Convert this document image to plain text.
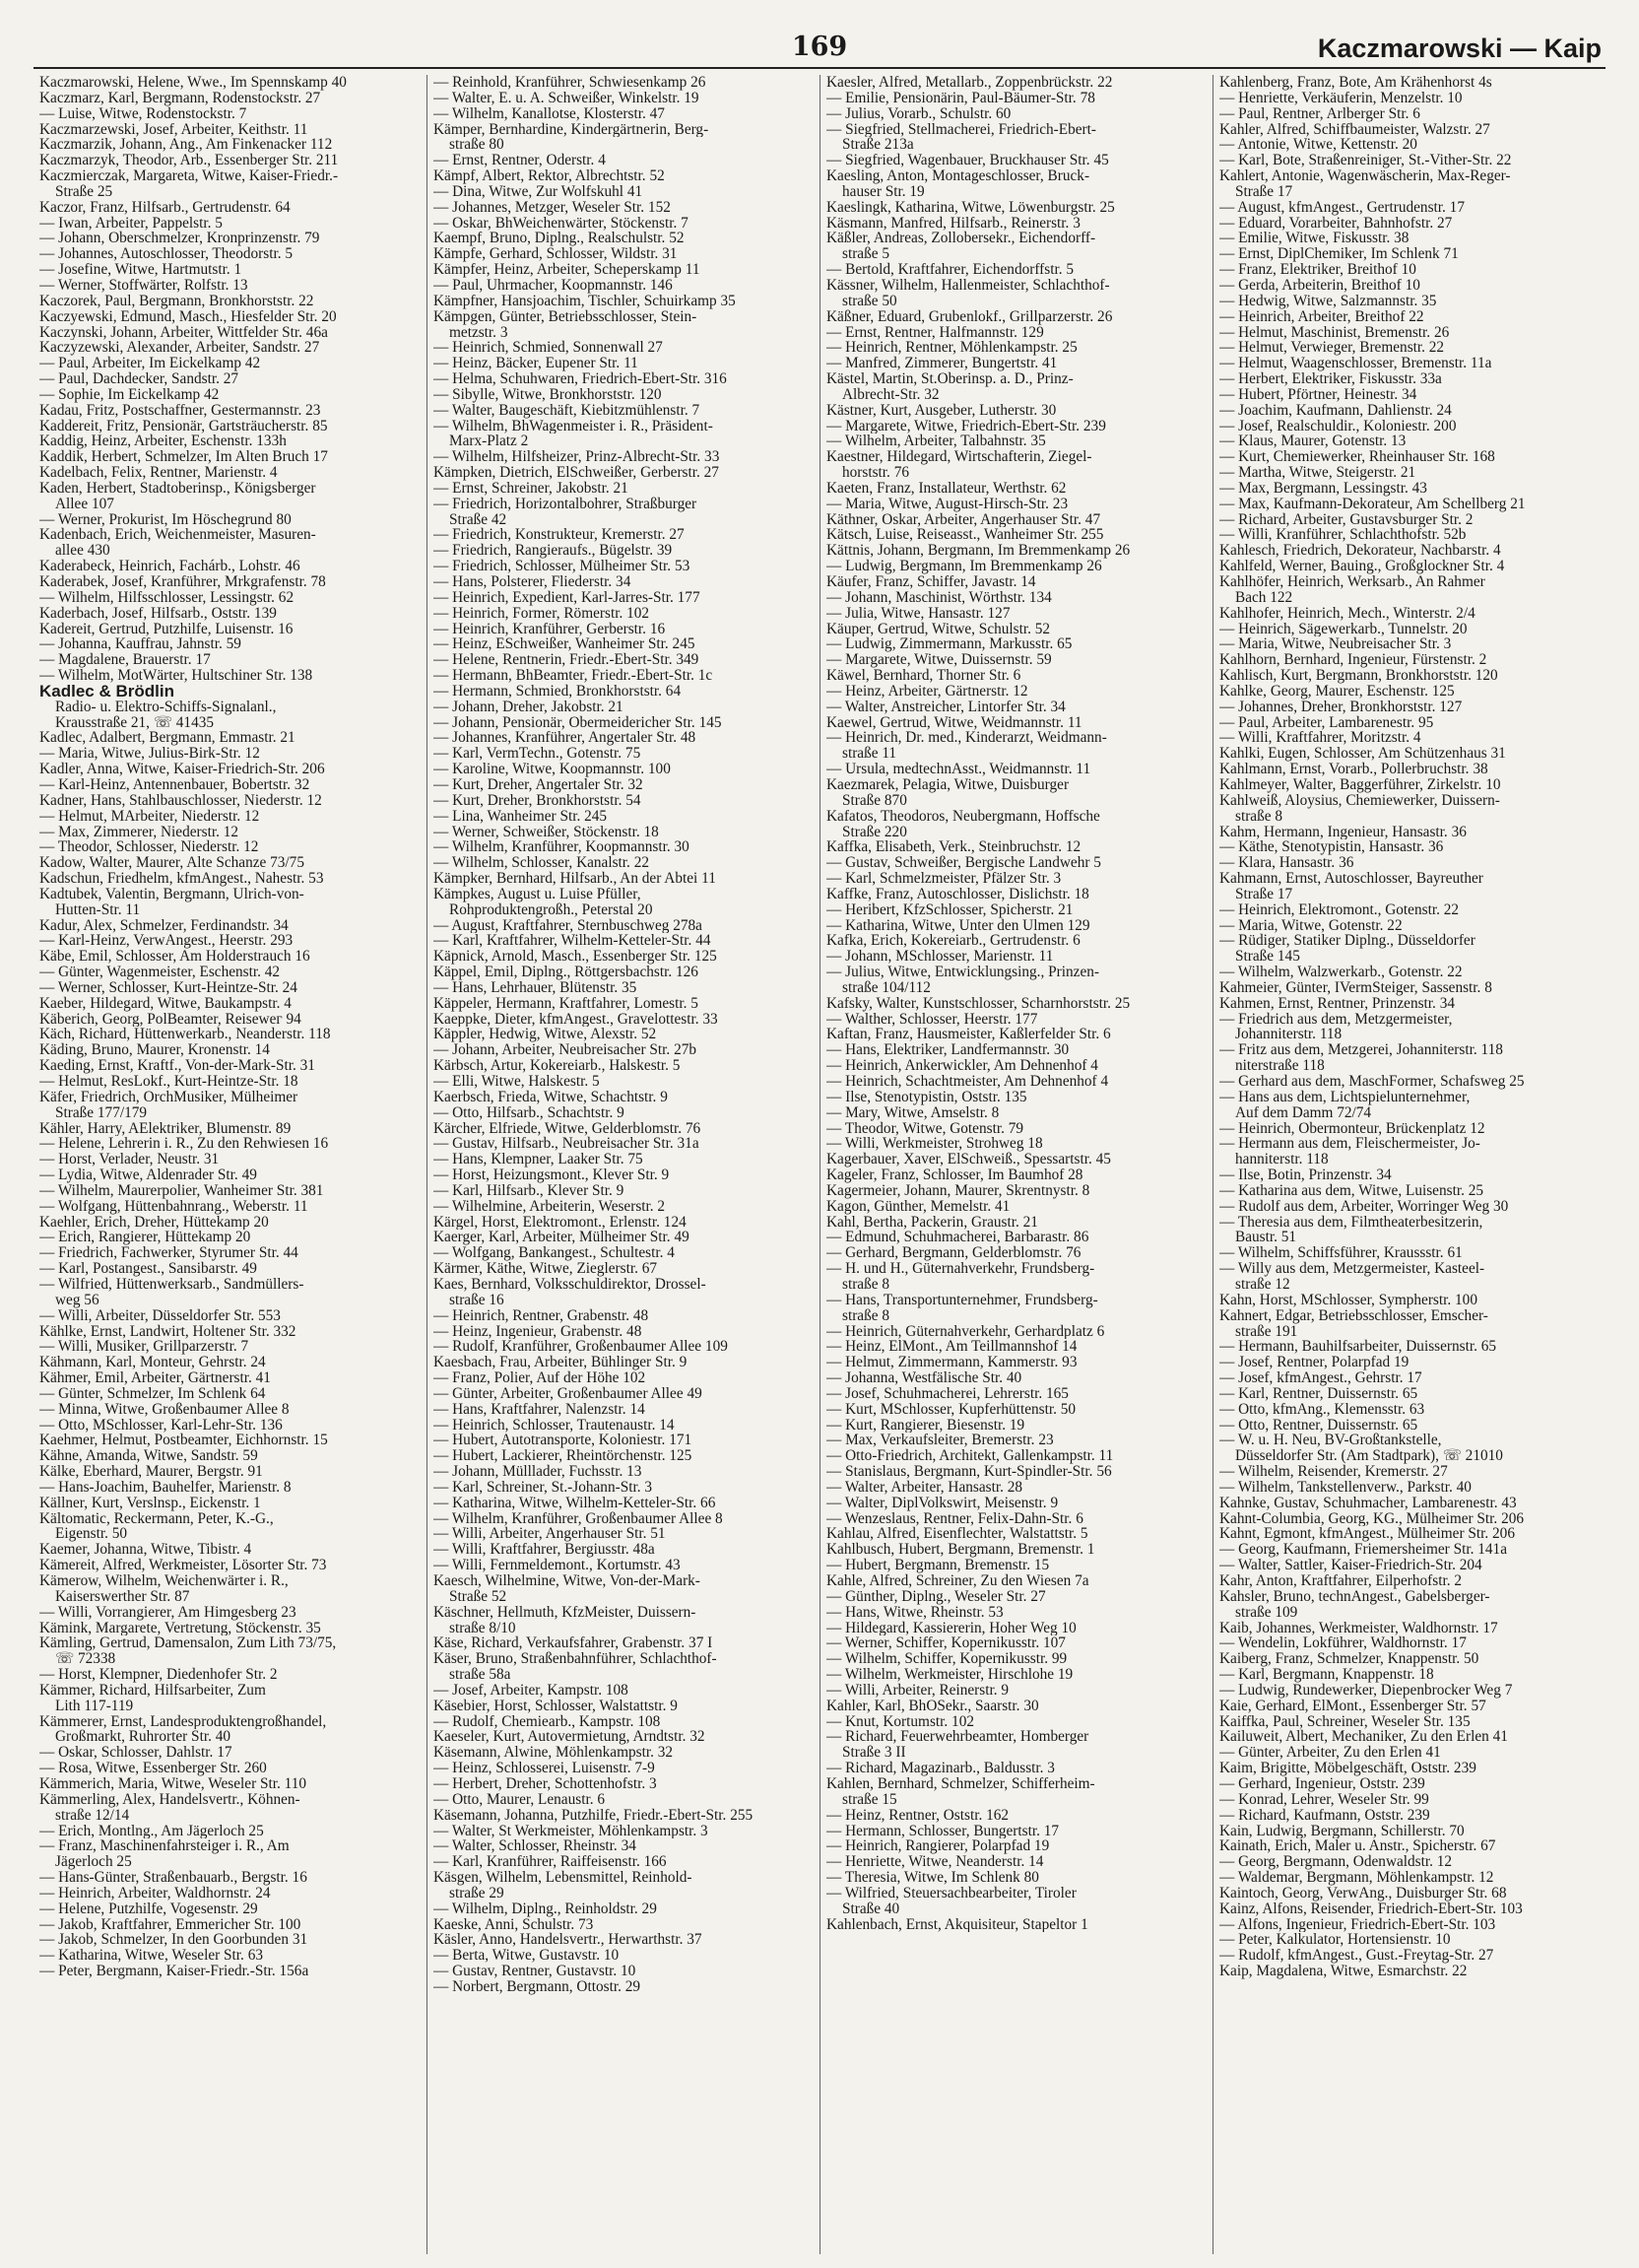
169	Kaczmarowski — Kaip
Kaczmarowski, Helene, Wwe., Im Spennskamp 40
Kaczmarz, Karl, Bergmann, Rodenstockstr. 27
— Luise, Witwe, Rodenstockstr. 7
Kaczmarzewski, Josef, Arbeiter, Keithstr. 11
Kaczmarzik, Johann, Ang., Am Finkenacker 112
Kaczmarzyk, Theodor, Arb., Essenberger Str. 211
Kaczmierczak, Margareta, Witwe, Kaiser-Friedr.-
Straße 25
Kaczor, Franz, Hilfsarb., Gertrudenstr. 64
— Iwan, Arbeiter, Pappelstr. 5
— Johann, Oberschmelzer, Kronprinzenstr. 79
— Johannes, Autoschlosser, Theodorstr. 5
— Josefine, Witwe, Hartmutstr. 1
— Werner, Stoffwärter, Rolfstr. 13
Kaczorek, Paul, Bergmann, Bronkhorststr. 22
Kaczyewski, Edmund, Masch., Hiesfelder Str. 20
Kaczynski, Johann, Arbeiter, Wittfelder Str. 46a
Kaczyzewski, Alexander, Arbeiter, Sandstr. 27
— Paul, Arbeiter, Im Eickelkamp 42
— Paul, Dachdecker, Sandstr. 27
— Sophie, Im Eickelkamp 42
Kadau, Fritz, Postschaffner, Gestermannstr. 23
Kaddereit, Fritz, Pensionär, Gartsträucherstr. 85
Kaddig, Heinz, Arbeiter, Eschenstr. 133h
Kaddik, Herbert, Schmelzer, Im Alten Bruch 17
Kadelbach, Felix, Rentner, Marienstr. 4
Kaden, Herbert, Stadtoberinsp., Königsberger
Allee 107
— Werner, Prokurist, Im Höschegrund 80
Kadenbach, Erich, Weichenmeister, Masuren-
allee 430
Kaderabeck, Heinrich, Fachárb., Lohstr. 46
Kaderabek, Josef, Kranführer, Mrkgrafenstr. 78
— Wilhelm, Hilfsschlosser, Lessingstr. 62
Kaderbach, Josef, Hilfsarb., Oststr. 139
Kadereit, Gertrud, Putzhilfe, Luisenstr. 16
— Johanna, Kauffrau, Jahnstr. 59
— Magdalene, Brauerstr. 17
— Wilhelm, MotWärter, Hultschiner Str. 138
Kadlec & Brödlin
Radio- u. Elektro-Schiffs-Signalanl.,
Krausstraße 21, ☏ 41435
Kadlec, Adalbert, Bergmann, Emmastr. 21
— Maria, Witwe, Julius-Birk-Str. 12
Kadler, Anna, Witwe, Kaiser-Friedrich-Str. 206
— Karl-Heinz, Antennenbauer, Bobertstr. 32
Kadner, Hans, Stahlbauschlosser, Niederstr. 12
— Helmut, MArbeiter, Niederstr. 12
— Max, Zimmerer, Niederstr. 12
— Theodor, Schlosser, Niederstr. 12
Kadow, Walter, Maurer, Alte Schanze 73/75
Kadschun, Friedhelm, kfmAngest., Nahestr. 53
Kadtubek, Valentin, Bergmann, Ulrich-von-
Hutten-Str. 11
Kadur, Alex, Schmelzer, Ferdinandstr. 34
— Karl-Heinz, VerwAngest., Heerstr. 293
Käbe, Emil, Schlosser, Am Holderstrauch 16
— Günter, Wagenmeister, Eschenstr. 42
— Werner, Schlosser, Kurt-Heintze-Str. 24
Kaeber, Hildegard, Witwe, Baukampstr. 4
Käberich, Georg, PolBeamter, Reisewег 94
Käch, Richard, Hüttenwerkarb., Neanderstr. 118
Käding, Bruno, Maurer, Kronenstr. 14
Kaeding, Ernst, Kraftf., Von-der-Mark-Str. 31
— Helmut, ResLokf., Kurt-Heintze-Str. 18
Käfer, Friedrich, OrchMusiker, Mülheimer
Straße 177/179
Kähler, Harry, AElektriker, Blumenstr. 89
— Helene, Lehrerin i. R., Zu den Rehwiesen 16
— Horst, Verlader, Neustr. 31
— Lydia, Witwe, Aldenrader Str. 49
— Wilhelm, Maurerpolier, Wanheimer Str. 381
— Wolfgang, Hüttenbahnrang., Weberstr. 11
Kaehler, Erich, Dreher, Hüttekamp 20
— Erich, Rangierer, Hüttekamp 20
— Friedrich, Fachwerker, Styrumer Str. 44
— Karl, Postangest., Sansibarstr. 49
— Wilfried, Hüttenwerksarb., Sandmüllers-
weg 56
— Willi, Arbeiter, Düsseldorfer Str. 553
Kählke, Ernst, Landwirt, Holtener Str. 332
— Willi, Musiker, Grillparzerstr. 7
Kähmann, Karl, Monteur, Gehrstr. 24
Kähmer, Emil, Arbeiter, Gärtnerstr. 41
— Günter, Schmelzer, Im Schlenk 64
— Minna, Witwe, Großenbaumer Allee 8
— Otto, MSchlosser, Karl-Lehr-Str. 136
Kaehmer, Helmut, Postbeamter, Eichhornstr. 15
Kähne, Amanda, Witwe, Sandstr. 59
Kälke, Eberhard, Maurer, Bergstr. 91
— Hans-Joachim, Bauhelfer, Marienstr. 8
Källner, Kurt, Verslnsp., Eickenstr. 1
Kältomatic, Reckermann, Peter, K.-G.,
Eigenstr. 50
Kaemer, Johanna, Witwe, Tibistr. 4
Kämereit, Alfred, Werkmeister, Lösorter Str. 73
Kämerow, Wilhelm, Weichenwärter i. R.,
Kaiserswerther Str. 87
— Willi, Vorrangierer, Am Himgesberg 23
Kämink, Margarete, Vertretung, Stöckenstr. 35
Kämling, Gertrud, Damensalon, Zum Lith 73/75,
☏ 72338
— Horst, Klempner, Diedenhofer Str. 2
Kämmer, Richard, Hilfsarbeiter, Zum
Lith 117-119
Kämmerer, Ernst, Landesproduktengroßhandel,
Großmarkt, Ruhrorter Str. 40
— Oskar, Schlosser, Dahlstr. 17
— Rosa, Witwe, Essenberger Str. 260
Kämmerich, Maria, Witwe, Weseler Str. 110
Kämmerling, Alex, Handelsvertr., Köhnen-
straße 12/14
— Erich, Montlng., Am Jägerloch 25
— Franz, Maschinenfahrsteiger i. R., Am
Jägerloch 25
— Hans-Günter, Straßenbauarb., Bergstr. 16
— Heinrich, Arbeiter, Waldhornstr. 24
— Helene, Putzhilfe, Vogesenstr. 29
— Jakob, Kraftfahrer, Emmericher Str. 100
— Jakob, Schmelzer, In den Goorbunden 31
— Katharina, Witwe, Weseler Str. 63
— Peter, Bergmann, Kaiser-Friedr.-Str. 156a
— Reinhold, Kranführer, Schwiesenkamp 26
— Walter, E. u. A. Schweißer, Winkelstr. 19
— Wilhelm, Kanallotse, Klosterstr. 47
Kämper, Bernhardine, Kindergärtnerin, Berg-
straße 80
— Ernst, Rentner, Oderstr. 4
Kämpf, Albert, Rektor, Albrechtstr. 52
— Dina, Witwe, Zur Wolfskuhl 41
— Johannes, Metzger, Weseler Str. 152
— Oskar, BhWeichenwärter, Stöckenstr. 7
Kaempf, Bruno, Diplng., Realschulstr. 52
Kämpfe, Gerhard, Schlosser, Wildstr. 31
Kämpfer, Heinz, Arbeiter, Scheperskamp 11
— Paul, Uhrmacher, Koopmannstr. 146
Kämpfner, Hansjoachim, Tischler, Schuirkamp 35
Kämpgen, Günter, Betriebsschlosser, Stein-
metzstr. 3
— Heinrich, Schmied, Sonnenwall 27
— Heinz, Bäcker, Eupener Str. 11
— Helma, Schuhwaren, Friedrich-Ebert-Str. 316
— Sibylle, Witwe, Bronkhorststr. 120
— Walter, Baugeschäft, Kiebitzmühlenstr. 7
— Wilhelm, BhWagenmeister i. R., Präsident-
Marx-Platz 2
— Wilhelm, Hilfsheizer, Prinz-Albrecht-Str. 33
Kämpken, Dietrich, ElSchweißer, Gerberstr. 27
— Ernst, Schreiner, Jakobstr. 21
— Friedrich, Horizontalbohrer, Straßburger
Straße 42
— Friedrich, Konstrukteur, Kremerstr. 27
— Friedrich, Rangieraufs., Bügelstr. 39
— Friedrich, Schlosser, Mülheimer Str. 53
— Hans, Polsterer, Fliederstr. 34
— Heinrich, Expedient, Karl-Jarres-Str. 177
— Heinrich, Former, Römerstr. 102
— Heinrich, Kranführer, Gerberstr. 16
— Heinz, ESchweißer, Wanheimer Str. 245
— Helene, Rentnerin, Friedr.-Ebert-Str. 349
— Hermann, BhBeamter, Friedr.-Ebert-Str. 1c
— Hermann, Schmied, Bronkhorststr. 64
— Johann, Dreher, Jakobstr. 21
— Johann, Pensionär, Obermeidericher Str. 145
— Johannes, Kranführer, Angertaler Str. 48
— Karl, VermTechn., Gotenstr. 75
— Karoline, Witwe, Koopmannstr. 100
— Kurt, Dreher, Angertaler Str. 32
— Kurt, Dreher, Bronkhorststr. 54
— Lina, Wanheimer Str. 245
— Werner, Schweißer, Stöckenstr. 18
— Wilhelm, Kranführer, Koopmannstr. 30
— Wilhelm, Schlosser, Kanalstr. 22
Kämpker, Bernhard, Hilfsarb., An der Abtei 11
Kämpkes, August u. Luise Pfüller,
Rohproduktengroßh., Peterstal 20
— August, Kraftfahrer, Sternbuschweg 278a
— Karl, Kraftfahrer, Wilhelm-Ketteler-Str. 44
Käpnick, Arnold, Masch., Essenberger Str. 125
Käppel, Emil, Diplng., Röttgersbachstr. 126
— Hans, Lehrhauer, Blütenstr. 35
Käppeler, Hermann, Kraftfahrer, Lomestr. 5
Kaeppke, Dieter, kfmAngest., Gravelottestr. 33
Käppler, Hedwig, Witwe, Alexstr. 52
— Johann, Arbeiter, Neubreisacher Str. 27b
Kärbsch, Artur, Kokereiarb., Halskestr. 5
— Elli, Witwe, Halskestr. 5
Kaerbsch, Frieda, Witwe, Schachtstr. 9
— Otto, Hilfsarb., Schachtstr. 9
Kärcher, Elfriede, Witwe, Gelderblomstr. 76
— Gustav, Hilfsarb., Neubreisacher Str. 31a
— Hans, Klempner, Laaker Str. 75
— Horst, Heizungsmont., Klever Str. 9
— Karl, Hilfsarb., Klever Str. 9
— Wilhelmine, Arbeiterin, Weserstr. 2
Kärgel, Horst, Elektromont., Erlenstr. 124
Kaerger, Karl, Arbeiter, Mülheimer Str. 49
— Wolfgang, Bankangest., Schultestr. 4
Kärmer, Käthe, Witwe, Zieglerstr. 67
Kaes, Bernhard, Volksschuldirektor, Drossel-
straße 16
— Heinrich, Rentner, Grabenstr. 48
— Heinz, Ingenieur, Grabenstr. 48
— Rudolf, Kranführer, Großenbaumer Allee 109
Kaesbach, Frau, Arbeiter, Bühlinger Str. 9
— Franz, Polier, Auf der Höhe 102
— Günter, Arbeiter, Großenbaumer Allee 49
— Hans, Kraftfahrer, Nalenzstr. 14
— Heinrich, Schlosser, Trautenaustr. 14
— Hubert, Autotransporte, Koloniestr. 171
— Hubert, Lackierer, Rheintörchenstr. 125
— Johann, Mülllader, Fuchsstr. 13
— Karl, Schreiner, St.-Johann-Str. 3
— Katharina, Witwe, Wilhelm-Ketteler-Str. 66
— Wilhelm, Kranführer, Großenbaumer Allee 8
— Willi, Arbeiter, Angerhauser Str. 51
— Willi, Kraftfahrer, Bergiusstr. 48a
— Willi, Fernmeldemont., Kortumstr. 43
Kaesch, Wilhelmine, Witwe, Von-der-Mark-
Straße 52
Käschner, Hellmuth, KfzMeister, Duissern-
straße 8/10
Käse, Richard, Verkaufsfahrer, Grabenstr. 37 I
Käser, Bruno, Straßenbahnführer, Schlachthof-
straße 58a
— Josef, Arbeiter, Kampstr. 108
Käsebier, Horst, Schlosser, Walstattstr. 9
— Rudolf, Chemiearb., Kampstr. 108
Kaeseler, Kurt, Autovermietung, Arndtstr. 32
Käsemann, Alwine, Möhlenkampstr. 32
— Heinz, Schlosserei, Luisenstr. 7-9
— Herbert, Dreher, Schottenhofstr. 3
— Otto, Maurer, Lenaustr. 6
Käsemann, Johanna, Putzhilfe, Friedr.-Ebert-Str. 255
— Walter, St Werkmeister, Möhlenkampstr. 3
— Walter, Schlosser, Rheinstr. 34
— Karl, Kranführer, Raiffeisenstr. 166
Käsgen, Wilhelm, Lebensmittel, Reinhold-
straße 29
— Wilhelm, Diplng., Reinholdstr. 29
Kaeske, Anni, Schulstr. 73
Käsler, Anno, Handelsvertr., Herwarthstr. 37
— Berta, Witwe, Gustavstr. 10
— Gustav, Rentner, Gustavstr. 10
— Norbert, Bergmann, Ottostr. 29
Kaesler, Alfred, Metallarb., Zoppenbrückstr. 22
— Emilie, Pensionärin, Paul-Bäumer-Str. 78
— Julius, Vorarb., Schulstr. 60
— Siegfried, Stellmacherei, Friedrich-Ebert-
Straße 213a
— Siegfried, Wagenbauer, Bruckhauser Str. 45
Kaesling, Anton, Montageschlosser, Bruck-
hauser Str. 19
Kaeslingk, Katharina, Witwe, Löwenburgstr. 25
Käsmann, Manfred, Hilfsarb., Reinerstr. 3
Käßler, Andreas, Zollobersekr., Eichendorff-
straße 5
— Bertold, Kraftfahrer, Eichendorffstr. 5
Kässner, Wilhelm, Hallenmeister, Schlachthof-
straße 50
Käßner, Eduard, Grubenlokf., Grillparzerstr. 26
— Ernst, Rentner, Halfmannstr. 129
— Heinrich, Rentner, Möhlenkampstr. 25
— Manfred, Zimmerer, Bungertstr. 41
Kästel, Martin, St.Oberinsp. a. D., Prinz-
Albrecht-Str. 32
Kästner, Kurt, Ausgeber, Lutherstr. 30
— Margarete, Witwe, Friedrich-Ebert-Str. 239
— Wilhelm, Arbeiter, Talbahnstr. 35
Kaestner, Hildegard, Wirtschafterin, Ziegel-
horststr. 76
Kaeten, Franz, Installateur, Werthstr. 62
— Maria, Witwe, August-Hirsch-Str. 23
Käthner, Oskar, Arbeiter, Angerhauser Str. 47
Kätsch, Luise, Reiseasst., Wanheimer Str. 255
Kättnis, Johann, Bergmann, Im Bremmenkamp 26
— Ludwig, Bergmann, Im Bremmenkamp 26
Käufer, Franz, Schiffer, Javastr. 14
— Johann, Maschinist, Wörthstr. 134
— Julia, Witwe, Hansastr. 127
Käuper, Gertrud, Witwe, Schulstr. 52
— Ludwig, Zimmermann, Markusstr. 65
— Margarete, Witwe, Duissernstr. 59
Käwel, Bernhard, Thorner Str. 6
— Heinz, Arbeiter, Gärtnerstr. 12
— Walter, Anstreicher, Lintorfer Str. 34
Kaewel, Gertrud, Witwe, Weidmannstr. 11
— Heinrich, Dr. med., Kinderarzt, Weidmann-
straße 11
— Ursula, medtechnAsst., Weidmannstr. 11
Kaezmarek, Pelagia, Witwe, Duisburger
Straße 870
Kafatos, Theodoros, Neubergmann, Hoffsche
Straße 220
Kaffka, Elisabeth, Verk., Steinbruchstr. 12
— Gustav, Schweißer, Bergische Landwehr 5
— Karl, Schmelzmeister, Pfälzer Str. 3
Kaffke, Franz, Autoschlosser, Dislichstr. 18
— Heribert, KfzSchlosser, Spicherstr. 21
— Katharina, Witwe, Unter den Ulmen 129
Kafka, Erich, Kokereiarb., Gertrudenstr. 6
— Johann, MSchlosser, Marienstr. 11
— Julius, Witwe, Entwicklungsing., Prinzen-
straße 104/112
Kafsky, Walter, Kunstschlosser, Scharnhorststr. 25
— Walther, Schlosser, Heerstr. 177
Kaftan, Franz, Hausmeister, Kaßlerfelder Str. 6
— Hans, Elektriker, Landfermannstr. 30
— Heinrich, Ankerwickler, Am Dehnenhof 4
— Heinrich, Schachtmeister, Am Dehnenhof 4
— Ilse, Stenotypistin, Oststr. 135
— Mary, Witwe, Amselstr. 8
— Theodor, Witwe, Gotenstr. 79
— Willi, Werkmeister, Strohweg 18
Kagerbauer, Xaver, ElSchweiß., Spessartstr. 45
Kageler, Franz, Schlosser, Im Baumhof 28
Kagermeier, Johann, Maurer, Skrentnystr. 8
Kagon, Günther, Memelstr. 41
Kahl, Bertha, Packerin, Graustr. 21
— Edmund, Schuhmacherei, Barbarastr. 86
— Gerhard, Bergmann, Gelderblomstr. 76
— H. und H., Güternahverkehr, Frundsberg-
straße 8
— Hans, Transportunternehmer, Frundsberg-
straße 8
— Heinrich, Güternahverkehr, Gerhardplatz 6
— Heinz, ElMont., Am Teillmannshof 14
— Helmut, Zimmermann, Kammerstr. 93
— Johanna, Westfälische Str. 40
— Josef, Schuhmacherei, Lehrerstr. 165
— Kurt, MSchlosser, Kupferhüttenstr. 50
— Kurt, Rangierer, Biesenstr. 19
— Max, Verkaufsleiter, Bremerstr. 23
— Otto-Friedrich, Architekt, Gallenkampstr. 11
— Stanislaus, Bergmann, Kurt-Spindler-Str. 56
— Walter, Arbeiter, Hansastr. 28
— Walter, DiplVolkswirt, Meisenstr. 9
— Wenzeslaus, Rentner, Felix-Dahn-Str. 6
Kahlau, Alfred, Eisenflechter, Walstattstr. 5
Kahlbusch, Hubert, Bergmann, Bremenstr. 1
— Hubert, Bergmann, Bremenstr. 15
Kahle, Alfred, Schreiner, Zu den Wiesen 7a
— Günther, Diplng., Weseler Str. 27
— Hans, Witwe, Rheinstr. 53
— Hildegard, Kassiererin, Hoher Weg 10
— Werner, Schiffer, Kopernikusstr. 107
— Wilhelm, Schiffer, Kopernikusstr. 99
— Wilhelm, Werkmeister, Hirschlohe 19
— Willi, Arbeiter, Reinerstr. 9
Kahler, Karl, BhOSekr., Saarstr. 30
— Knut, Kortumstr. 102
— Richard, Feuerwehrbeamter, Homberger
Straße 3 II
— Richard, Magazinarb., Baldusstr. 3
Kahlen, Bernhard, Schmelzer, Schifferheim-
straße 15
— Heinz, Rentner, Oststr. 162
— Hermann, Schlosser, Bungertstr. 17
— Heinrich, Rangierer, Polarpfad 19
— Henriette, Witwe, Neanderstr. 14
— Theresia, Witwe, Im Schlenk 80
— Wilfried, Steuersachbearbeiter, Tiroler
Straße 40
Kahlenbach, Ernst, Akquisiteur, Stapeltor 1
Kahlenberg, Franz, Bote, Am Krähenhorst 4s
— Henriette, Verkäuferin, Menzelstr. 10
— Paul, Rentner, Arlberger Str. 6
Kahler, Alfred, Schiffbaumeister, Walzstr. 27
— Antonie, Witwe, Kettenstr. 20
— Karl, Bote, Straßenreiniger, St.-Vither-Str. 22
Kahlert, Antonie, Wagenwäscherin, Max-Reger-
Straße 17
— August, kfmAngest., Gertrudenstr. 17
— Eduard, Vorarbeiter, Bahnhofstr. 27
— Emilie, Witwe, Fiskusstr. 38
— Ernst, DiplChemiker, Im Schlenk 71
— Franz, Elektriker, Breithof 10
— Gerda, Arbeiterin, Breithof 10
— Hedwig, Witwe, Salzmannstr. 35
— Heinrich, Arbeiter, Breithof 22
— Helmut, Maschinist, Bremenstr. 26
— Helmut, Verwieger, Bremenstr. 22
— Helmut, Waagenschlosser, Bremenstr. 11a
— Herbert, Elektriker, Fiskusstr. 33a
— Hubert, Pförtner, Heinestr. 34
— Joachim, Kaufmann, Dahlienstr. 24
— Josef, Realschuldir., Koloniestr. 200
— Klaus, Maurer, Gotenstr. 13
— Kurt, Chemiewerker, Rheinhauser Str. 168
— Martha, Witwe, Steigerstr. 21
— Max, Bergmann, Lessingstr. 43
— Max, Kaufmann-Dekorateur, Am Schellberg 21
— Richard, Arbeiter, Gustavsburger Str. 2
— Willi, Kranführer, Schlachthofstr. 52b
Kahlesch, Friedrich, Dekorateur, Nachbarstr. 4
Kahlfeld, Werner, Bauing., Großglockner Str. 4
Kahlhöfer, Heinrich, Werksarb., An Rahmer
Bach 122
Kahlhofer, Heinrich, Mech., Winterstr. 2/4
— Heinrich, Sägewerkarb., Tunnelstr. 20
— Maria, Witwe, Neubreisacher Str. 3
Kahlhorn, Bernhard, Ingenieur, Fürstenstr. 2
Kahlisch, Kurt, Bergmann, Bronkhorststr. 120
Kahlke, Georg, Maurer, Eschenstr. 125
— Johannes, Dreher, Bronkhorststr. 127
— Paul, Arbeiter, Lambarenestr. 95
— Willi, Kraftfahrer, Moritzstr. 4
Kahlki, Eugen, Schlosser, Am Schützenhaus 31
Kahlmann, Ernst, Vorarb., Pollerbruchstr. 38
Kahlmeyer, Walter, Baggerführer, Zirkelstr. 10
Kahlweiß, Aloysius, Chemiewerker, Duissern-
straße 8
Kahm, Hermann, Ingenieur, Hansastr. 36
— Käthe, Stenotypistin, Hansastr. 36
— Klara, Hansastr. 36
Kahmann, Ernst, Autoschlosser, Bayreuther
Straße 17
— Heinrich, Elektromont., Gotenstr. 22
— Maria, Witwe, Gotenstr. 22
— Rüdiger, Statiker Diplng., Düsseldorfer
Straße 145
— Wilhelm, Walzwerkarb., Gotenstr. 22
Kahmeier, Günter, IVermSteiger, Sassenstr. 8
Kahmen, Ernst, Rentner, Prinzenstr. 34
— Friedrich aus dem, Metzgermeister,
Johanniterstr. 118
— Fritz aus dem, Metzgerei, Johanniterstr. 118
niterstraße 118
— Gerhard aus dem, MaschFormer, Schafsweg 25
— Hans aus dem, Lichtspielunternehmer,
Auf dem Damm 72/74
— Heinrich, Obermonteur, Brückenplatz 12
— Hermann aus dem, Fleischermeister, Jo-
hanniterstr. 118
— Ilse, Botin, Prinzenstr. 34
— Katharina aus dem, Witwe, Luisenstr. 25
— Rudolf aus dem, Arbeiter, Worringer Weg 30
— Theresia aus dem, Filmtheaterbesitzerin,
Baustr. 51
— Wilhelm, Schiffsführer, Kraussstr. 61
— Willy aus dem, Metzgermeister, Kasteel-
straße 12
Kahn, Horst, MSchlosser, Sympherstr. 100
Kahnert, Edgar, Betriebsschlosser, Emscher-
straße 191
— Hermann, Bauhilfsarbeiter, Duissernstr. 65
— Josef, Rentner, Polarpfad 19
— Josef, kfmAngest., Gehrstr. 17
— Karl, Rentner, Duissernstr. 65
— Otto, kfmAng., Klemensstr. 63
— Otto, Rentner, Duissernstr. 65
— W. u. H. Neu, BV-Großtankstelle,
Düsseldorfer Str. (Am Stadtpark), ☏ 21010
— Wilhelm, Reisender, Kremerstr. 27
— Wilhelm, Tankstellenverw., Parkstr. 40
Kahnke, Gustav, Schuhmacher, Lambarenestr. 43
Kahnt-Columbia, Georg, KG., Mülheimer Str. 206
Kahnt, Egmont, kfmAngest., Mülheimer Str. 206
— Georg, Kaufmann, Friemersheimer Str. 141a
— Walter, Sattler, Kaiser-Friedrich-Str. 204
Kahr, Anton, Kraftfahrer, Eilperhofstr. 2
Kahsler, Bruno, technAngest., Gabelsberger-
straße 109
Kaib, Johannes, Werkmeister, Waldhornstr. 17
— Wendelin, Lokführer, Waldhornstr. 17
Kaiberg, Franz, Schmelzer, Knappenstr. 50
— Karl, Bergmann, Knappenstr. 18
— Ludwig, Rundewerker, Diepenbrocker Weg 7
Kaie, Gerhard, ElMont., Essenberger Str. 57
Kaiffka, Paul, Schreiner, Weseler Str. 135
Kailuweit, Albert, Mechaniker, Zu den Erlen 41
— Günter, Arbeiter, Zu den Erlen 41
Kaim, Brigitte, Möbelgeschäft, Oststr. 239
— Gerhard, Ingenieur, Oststr. 239
— Konrad, Lehrer, Weseler Str. 99
— Richard, Kaufmann, Oststr. 239
Kain, Ludwig, Bergmann, Schillerstr. 70
Kainath, Erich, Maler u. Anstr., Spicherstr. 67
— Georg, Bergmann, Odenwaldstr. 12
— Waldemar, Bergmann, Möhlenkampstr. 12
Kaintoch, Georg, VerwAng., Duisburger Str. 68
Kainz, Alfons, Reisender, Friedrich-Ebert-Str. 103
— Alfons, Ingenieur, Friedrich-Ebert-Str. 103
— Peter, Kalkulator, Hortensienstr. 10
— Rudolf, kfmAngest., Gust.-Freytag-Str. 27
Kaip, Magdalena, Witwe, Esmarchstr. 22
